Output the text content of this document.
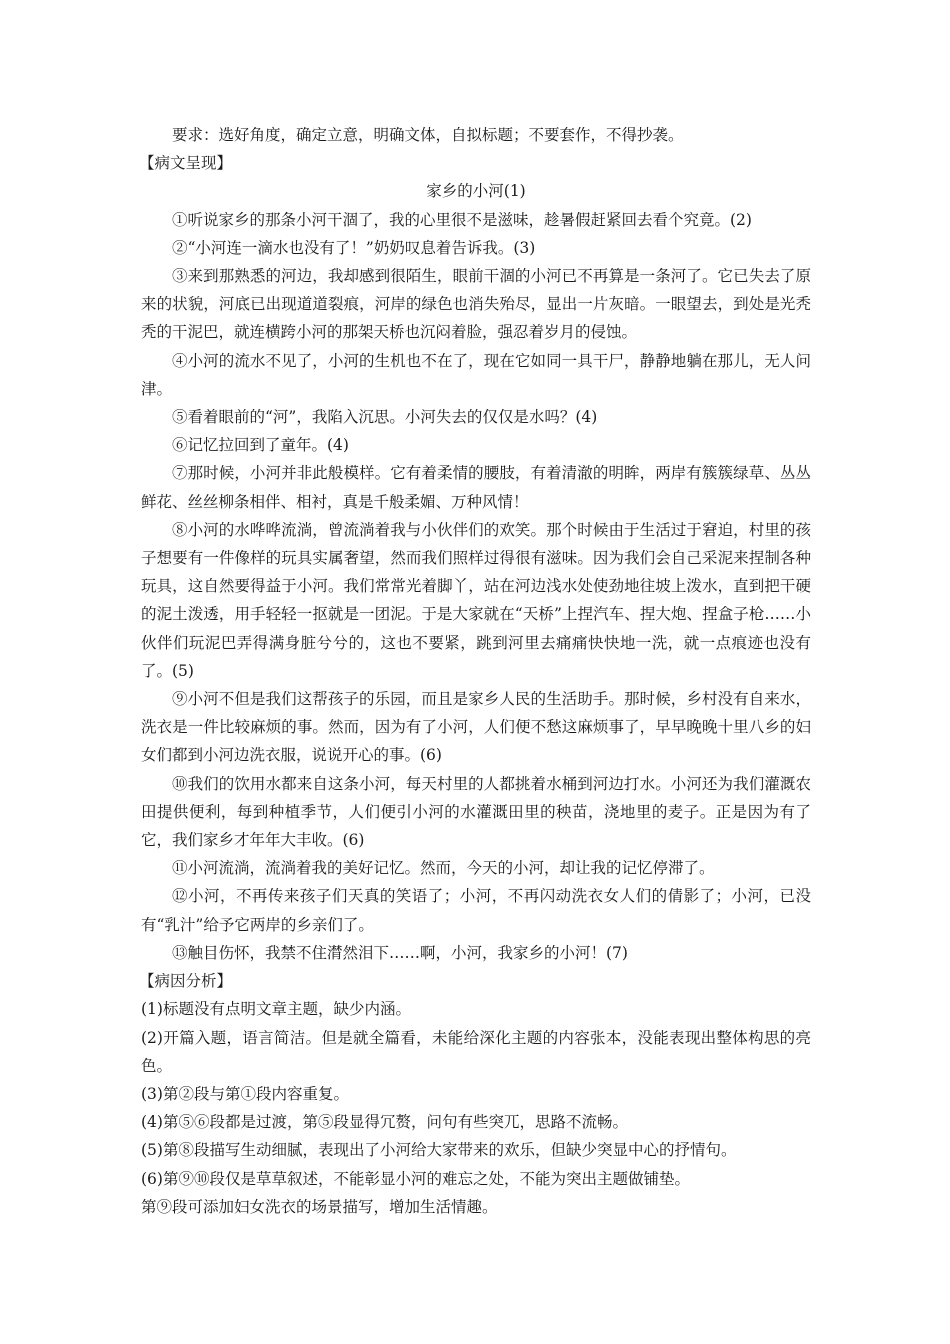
要求：选好角度，确定立意，明确文体，自拟标题；不要套作，不得抄袭。

【病文呈现】

家乡的小河(1)

①听说家乡的那条小河干涸了，我的心里很不是滋味，趁暑假赶紧回去看个究竟。(2)

②“小河连一滴水也没有了！”奶奶叹息着告诉我。(3)

③来到那熟悉的河边，我却感到很陌生，眼前干涸的小河已不再算是一条河了。它已失去了原来的状貌，河底已出现道道裂痕，河岸的绿色也消失殆尽，显出一片灰暗。一眼望去，到处是光秃秃的干泥巴，就连横跨小河的那架天桥也沉闷着脸，强忍着岁月的侵蚀。

④小河的流水不见了，小河的生机也不在了，现在它如同一具干尸，静静地躺在那儿，无人问津。

⑤看着眼前的“河”，我陷入沉思。小河失去的仅仅是水吗？(4)

⑥记忆拉回到了童年。(4)

⑦那时候，小河并非此般模样。它有着柔情的腰肢，有着清澈的明眸，两岸有簇簇绿草、丛丛鲜花、丝丝柳条相伴、相衬，真是千般柔媚、万种风情！

⑧小河的水哗哗流淌，曾流淌着我与小伙伴们的欢笑。那个时候由于生活过于窘迫，村里的孩子想要有一件像样的玩具实属奢望，然而我们照样过得很有滋味。因为我们会自己采泥来捏制各种玩具，这自然要得益于小河。我们常常光着脚丫，站在河边浅水处使劲地往坡上泼水，直到把干硬的泥土泼透，用手轻轻一抠就是一团泥。于是大家就在“天桥”上捏汽车、捏大炮、捏盒子枪……小伙伴们玩泥巴弄得满身脏兮兮的，这也不要紧，跳到河里去痛痛快快地一洗，就一点痕迹也没有了。(5)

⑨小河不但是我们这帮孩子的乐园，而且是家乡人民的生活助手。那时候，乡村没有自来水，洗衣是一件比较麻烦的事。然而，因为有了小河，人们便不愁这麻烦事了，早早晚晚十里八乡的妇女们都到小河边洗衣服，说说开心的事。(6)

⑩我们的饮用水都来自这条小河，每天村里的人都挑着水桶到河边打水。小河还为我们灌溉农田提供便利，每到种植季节，人们便引小河的水灌溉田里的秧苗，浇地里的麦子。正是因为有了它，我们家乡才年年大丰收。(6)

⑪小河流淌，流淌着我的美好记忆。然而，今天的小河，却让我的记忆停滞了。

⑫小河，不再传来孩子们天真的笑语了；小河，不再闪动洗衣女人们的倩影了；小河，已没有“乳汁”给予它两岸的乡亲们了。

⑬触目伤怀，我禁不住潸然泪下……啊，小河，我家乡的小河！(7)

【病因分析】

(1)标题没有点明文章主题，缺少内涵。

(2)开篇入题，语言简洁。但是就全篇看，未能给深化主题的内容张本，没能表现出整体构思的亮色。

(3)第②段与第①段内容重复。

(4)第⑤⑥段都是过渡，第⑤段显得冗赘，问句有些突兀，思路不流畅。

(5)第⑧段描写生动细腻，表现出了小河给大家带来的欢乐，但缺少突显中心的抒情句。

(6)第⑨⑩段仅是草草叙述，不能彰显小河的难忘之处，不能为突出主题做铺垫。

第⑨段可添加妇女洗衣的场景描写，增加生活情趣。
